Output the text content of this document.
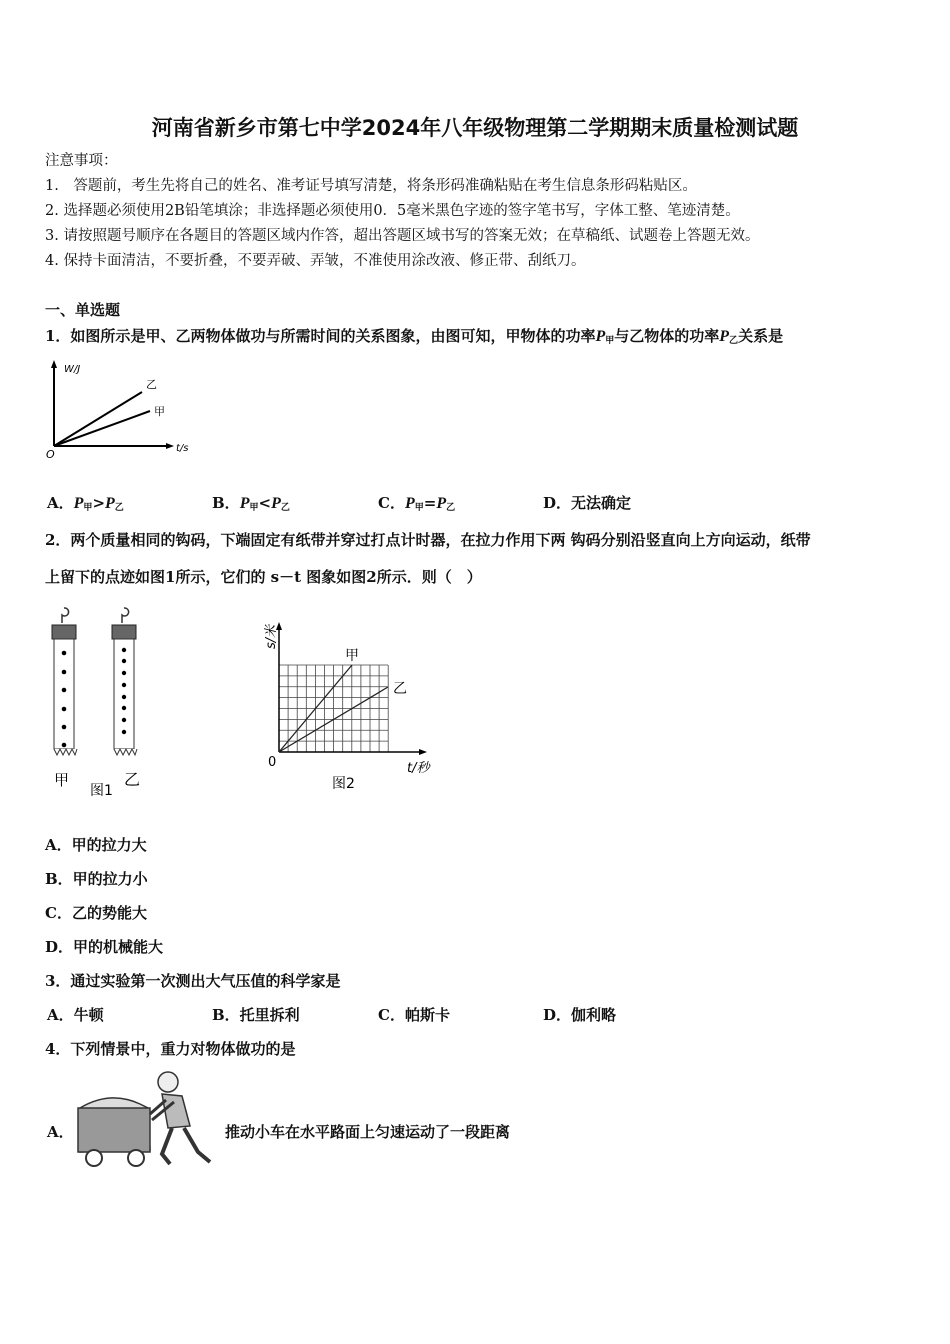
河南省新乡市第七中学2024年八年级物理第二学期期末质量检测试题
注意事项：
1.　答题前，考生先将自己的姓名、准考证号填写清楚，将条形码准确粘贴在考生信息条形码粘贴区。
2. 选择题必须使用2B铅笔填涂；非选择题必须使用0．5毫米黑色字迹的签字笔书写，字体工整、笔迹清楚。
3. 请按照题号顺序在各题目的答题区域内作答，超出答题区域书写的答案无效；在草稿纸、试题卷上答题无效。
4. 保持卡面清洁，不要折叠，不要弄破、弄皱，不准使用涂改液、修正带、刮纸刀。
一、单选题
1．如图所示是甲、乙两物体做功与所需时间的关系图象，由图可知，甲物体的功率$P_甲$与乙物体的功率$P_乙$关系是
W/J
乙
甲
O	t/s
A．$P_甲>P_乙$	B．$P_甲<P_乙$	C．$P_甲=P_乙$	D．无法确定
2．两个质量相同的钩码，下端固定有纸带并穿过打点计时器，在拉力作用下两 钩码分别沿竖直向上方向运动，纸带
上留下的点迹如图1所示，它们的 s－t 图象如图2所示．则（　）
甲
图1
乙
s/米
甲
乙
0	t/秒
图2
A．甲的拉力大
B．甲的拉力小
C．乙的势能大
D．甲的机械能大
3．通过实验第一次测出大气压值的科学家是
A．牛顿	B．托里拆利	C．帕斯卡	D．伽利略
4．下列情景中，重力对物体做功的是
A．	推动小车在水平路面上匀速运动了一段距离
